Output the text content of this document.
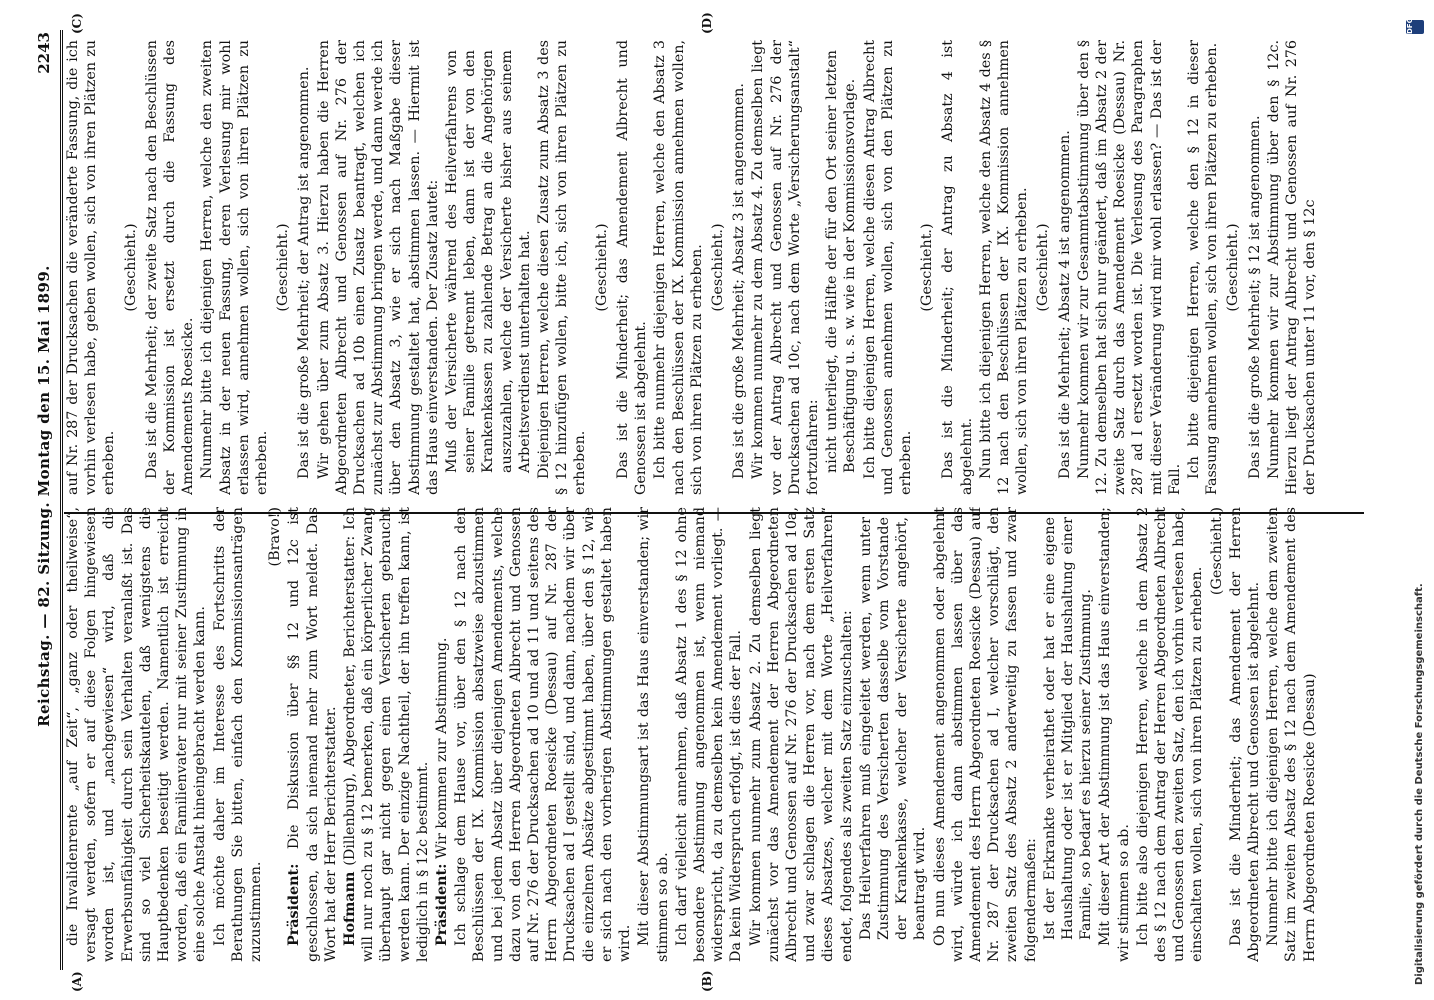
Reichstag. — 82. Sitzung. Montag den 15. Mai 1899.
2243
(A)	(B)
(C)	(D)

die Invalidenrente „auf Zeit“, „ganz oder theilweise“, versagt werden, sofern er auf diese Folgen hingewiesen worden ist, und „nachgewiesen“ wird, daß die Erwerbsunfähigkeit durch sein Verhalten veranlaßt ist. Das sind so viel Sicherheitskautelen, daß wenigstens die Hauptbedenken beseitigt werden. Namentlich ist erreicht worden, daß ein Familienvater nur mit seiner Zustimmung in eine solche Anstalt hineingebracht werden kann. Ich möchte daher im Interesse des Fortschritts der Berathungen Sie bitten, einfach den Kommissionsanträgen zuzustimmen.

(Bravo!)

Präsident: Die Diskussion über §§ 12 und 12c ist geschlossen, da sich niemand mehr zum Wort meldet. Das Wort hat der Herr Berichterstatter. Hofmann (Dillenburg), Abgeordneter, Berichterstatter: Ich will nur noch zu § 12 bemerken, daß ein körperlicher Zwang überhaupt gar nicht gegen einen Versicherten gebraucht werden kann. Der einzige Nachtheil, der ihn treffen kann, ist lediglich in § 12c bestimmt. Präsident: Wir kommen zur Abstimmung. Ich schlage dem Hause vor, über den § 12 nach den Beschlüssen der IX. Kommission absatzweise abzustimmen und bei jedem Absatz über diejenigen Amendements, welche dazu von den Herren Abgeordneten Albrecht und Genossen auf Nr. 276 der Drucksachen ad 10 und ad 11 und seitens des Herrn Abgeordneten Roesicke (Dessau) auf Nr. 287 der Drucksachen ad I gestellt sind, und dann, nachdem wir über die einzelnen Absätze abgestimmt haben, über den § 12, wie er sich nach den vorherigen Abstimmungen gestaltet haben wird. Mit dieser Abstimmungsart ist das Haus einverstanden; wir stimmen so ab. Ich darf vielleicht annehmen, daß Absatz 1 des § 12 ohne besondere Abstimmung angenommen ist, wenn niemand widerspricht, da zu demselben kein Amendement vorliegt. — Da kein Widerspruch erfolgt, ist dies der Fall. Wir kommen nunmehr zum Absatz 2. Zu demselben liegt zunächst vor das Amendement der Herren Abgeordneten Albrecht und Genossen auf Nr. 276 der Drucksachen ad 10a, und zwar schlagen die Herren vor, nach dem ersten Satz dieses Absatzes, welcher mit dem Worte „Heilverfahren“ endet, folgendes als zweiten Satz einzuschalten: Das Heilverfahren muß eingeleitet werden, wenn unter Zustimmung des Versicherten dasselbe vom Vorstande der Krankenkasse, welcher der Versicherte angehört, beantragt wird. Ob nun dieses Amendement angenommen oder abgelehnt wird, würde ich dann abstimmen lassen über das Amendement des Herrn Abgeordneten Roesicke (Dessau) auf Nr. 287 der Drucksachen ad I, welcher vorschlägt, den zweiten Satz des Absatz 2 anderweitig zu fassen und zwar folgendermaßen: Ist der Erkrankte verheirathet oder hat er eine eigene Haushaltung oder ist er Mitglied der Haushaltung einer Familie, so bedarf es hierzu seiner Zustimmung. Mit dieser Art der Abstimmung ist das Haus einverstanden; wir stimmen so ab. Ich bitte also diejenigen Herren, welche in dem Absatz 2 des § 12 nach dem Antrag der Herren Abgeordneten Albrecht und Genossen den zweiten Satz, den ich vorhin verlesen habe, einschalten wollen, sich von ihren Plätzen zu erheben.

(Geschieht.) Das ist die Minderheit; das Amendement der Herren Abgeordneten Albrecht und Genossen ist abgelehnt. Nunmehr bitte ich diejenigen Herren, welche dem zweiten Satz im zweiten Absatz des § 12 nach dem Amendement des Herrn Abgeordneten Roesicke (Dessau)

auf Nr. 287 der Drucksachen die veränderte Fassung, die ich vorhin verlesen habe, geben wollen, sich von ihren Plätzen zu erheben.

(Geschieht.) Das ist die Mehrheit; der zweite Satz nach den Beschlüssen der Kommission ist ersetzt durch die Fassung des Amendements Roesicke. Nunmehr bitte ich diejenigen Herren, welche den zweiten Absatz in der neuen Fassung, deren Verlesung mir wohl erlassen wird, annehmen wollen, sich von ihren Plätzen zu erheben.

(Geschieht.) Das ist die große Mehrheit; der Antrag ist angenommen. Wir gehen über zum Absatz 3. Hierzu haben die Herren Abgeordneten Albrecht und Genossen auf Nr. 276 der Drucksachen ad 10b einen Zusatz beantragt, welchen ich zunächst zur Abstimmung bringen werde, und dann werde ich über den Absatz 3, wie er sich nach Maßgabe dieser Abstimmung gestaltet hat, abstimmen lassen. — Hiermit ist das Haus einverstanden. Der Zusatz lautet: Muß der Versicherte während des Heilverfahrens von seiner Familie getrennt leben, dann ist der von den Krankenkassen zu zahlende Betrag an die Angehörigen auszuzahlen, welche der Versicherte bisher aus seinem Arbeitsverdienst unterhalten hat. Diejenigen Herren, welche diesen Zusatz zum Absatz 3 des § 12 hinzufügen wollen, bitte ich, sich von ihren Plätzen zu erheben.

(Geschieht.) Das ist die Minderheit; das Amendement Albrecht und Genossen ist abgelehnt. Ich bitte nunmehr diejenigen Herren, welche den Absatz 3 nach den Beschlüssen der IX. Kommission annehmen wollen, sich von ihren Plätzen zu erheben. (Geschieht.) Das ist die große Mehrheit; Absatz 3 ist angenommen. Wir kommen nunmehr zu dem Absatz 4. Zu demselben liegt vor der Antrag Albrecht und Genossen auf Nr. 276 der Drucksachen ad 10c, nach dem Worte „Versicherungsanstalt“ fortzufahren: nicht unterliegt, die Hälfte der für den Ort seiner letzten Beschäftigung u. s. w. wie in der Kommissionsvorlage. Ich bitte diejenigen Herren, welche diesen Antrag Albrecht und Genossen annehmen wollen, sich von den Plätzen zu erheben.

(Geschieht.) Das ist die Minderheit; der Antrag zu Absatz 4 ist abgelehnt. Nun bitte ich diejenigen Herren, welche den Absatz 4 des § 12 nach den Beschlüssen der IX. Kommission annehmen wollen, sich von ihren Plätzen zu erheben. (Geschieht.) Das ist die Mehrheit; Absatz 4 ist angenommen. Nunmehr kommen wir zur Gesammtabstimmung über den § 12. Zu demselben hat sich nur geändert, daß im Absatz 2 der zweite Satz durch das Amendement Roesicke (Dessau) Nr. 287 ad I ersetzt worden ist. Die Verlesung des Paragraphen mit dieser Veränderung wird mir wohl erlassen? — Das ist der Fall.

Ich bitte diejenigen Herren, welche den § 12 in dieser Fassung annehmen wollen, sich von ihren Plätzen zu erheben. (Geschieht.) Das ist die große Mehrheit; § 12 ist angenommen. Nunmehr kommen wir zur Abstimmung über den § 12c. Hierzu liegt der Antrag Albrecht und Genossen auf Nr. 276 der Drucksachen unter 11 vor, den § 12c

Digitalisierung gefördert durch die Deutsche Forschungsgemeinschaft.
DFG
